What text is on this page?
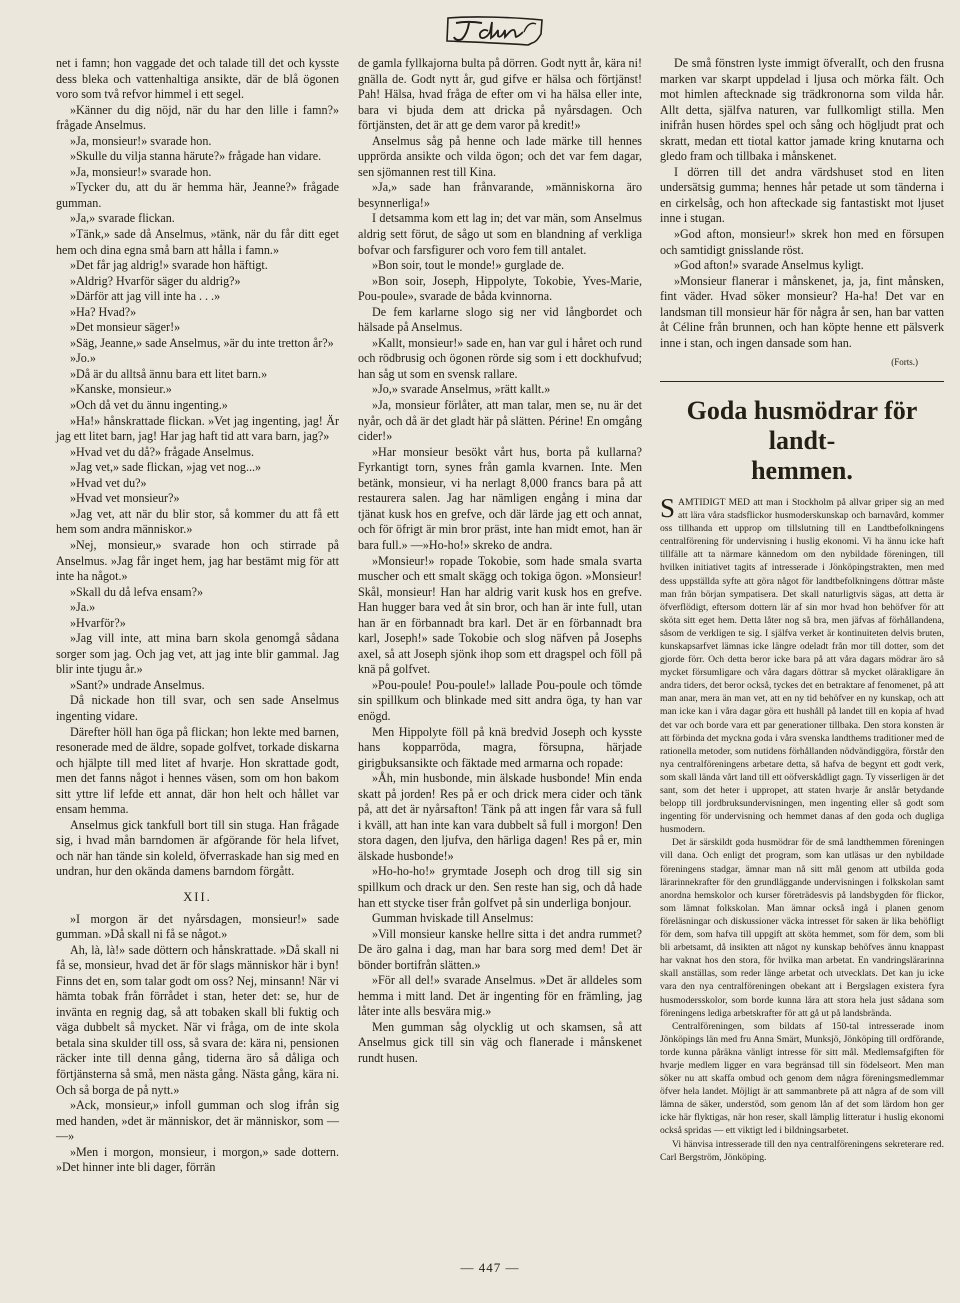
net i famn; hon vaggade det och talade till det och kysste dess bleka och vattenhaltiga ansikte, där de blå ögonen voro som två refvor himmel i ett segel.

»Känner du dig nöjd, när du har den lille i famn?» frågade Anselmus.

»Ja, monsieur!» svarade hon.

»Skulle du vilja stanna härute?» frågade han vidare.

»Ja, monsieur!» svarade hon.

»Tycker du, att du är hemma här, Jeanne?» frågade gumman.

»Ja,» svarade flickan.

»Tänk,» sade då Anselmus, »tänk, när du får ditt eget hem och dina egna små barn att hålla i famn.»

»Det får jag aldrig!» svarade hon häftigt.

»Aldrig? Hvarför säger du aldrig?»

»Därför att jag vill inte ha . . .»

»Ha? Hvad?»

»Det monsieur säger!»

»Säg, Jeanne,» sade Anselmus, »är du inte tretton år?»

»Jo.»

»Då är du alltså ännu bara ett litet barn.»

»Kanske, monsieur.»

»Och då vet du ännu ingenting.»

»Ha!» hånskrattade flickan. »Vet jag ingenting, jag! Är jag ett litet barn, jag! Har jag haft tid att vara barn, jag?»

»Hvad vet du då?» frågade Anselmus.

»Jag vet,» sade flickan, »jag vet nog...»

»Hvad vet du?»

»Hvad vet monsieur?»

»Jag vet, att när du blir stor, så kommer du att få ett hem som andra människor.»

»Nej, monsieur,» svarade hon och stirrade på Anselmus. »Jag får inget hem, jag har bestämt mig för att inte ha något.»

»Skall du då lefva ensam?»

»Ja.»

»Hvarför?»

»Jag vill inte, att mina barn skola genomgå sådana sorger som jag. Och jag vet, att jag inte blir gammal. Jag blir inte tjugu år.»

»Sant?» undrade Anselmus.

Då nickade hon till svar, och sen sade Anselmus ingenting vidare.

Därefter höll han öga på flickan; hon lekte med barnen, resonerade med de äldre, sopade golfvet, torkade diskarna och hjälpte till med litet af hvarje. Hon skrattade godt, men det fanns något i hennes väsen, som om hon bakom sitt yttre lif lefde ett annat, där hon helt och hållet var ensam hemma.

Anselmus gick tankfull bort till sin stuga. Han frågade sig, i hvad mån barndomen är afgörande för hela lifvet, och när han tände sin koleld, öfverraskade han sig med en undran, hur den okända damens barndom förgått.

XII.

»I morgon är det nyårsdagen, monsieur!» sade gumman. »Då skall ni få se något.»

Ah, là, là!» sade döttern och hånskrattade. »Då skall ni få se, monsieur, hvad det är för slags människor här i byn! Finns det en, som talar godt om oss? Nej, minsann! När vi hämta tobak från förrådet i stan, heter det: se, hur de inväntа en regnig dag, så att tobaken skall bli fuktig och väga dubbelt så mycket. När vi fråga, om de inte skola betala sina skulder till oss, så svara de: kära ni, pensionen räcker inte till denna gång, tiderna äro så dåliga och förtjänsterna så små, men nästa gång. Nästa gång, kära ni. Och så borga de på nytt.»

»Ack, monsieur,» infoll gumman och slog ifrån sig med handen, »det är människor, det är människor, som — —»

»Men i morgon, monsieur, i morgon,» sade dottern. »Det hinner inte bli dager, förrän

de gamla fyllkajorna bulta på dörren. Godt nytt år, kära ni! gnälla de. Godt nytt år, gud gifve er hälsa och förtjänst! Pah! Hälsa, hvad fråga de efter om vi ha hälsa eller inte, bara vi bjuda dem att dricka på nyårsdagen. Och förtjänsten, det är att ge dem varor på kredit!»

Anselmus såg på henne och lade märke till hennes upprörda ansikte och vilda ögon; och det var fem dagar, sen sjömannen rest till Kina.

»Ja,» sade han frånvarande, »människorna äro besynnerliga!»

I detsamma kom ett lag in; det var män, som Anselmus aldrig sett förut, de sågo ut som en blandning af verkliga bofvar och farsfigurer och voro fem till antalet.

»Bon soir, tout le monde!» gurglade de.

»Bon soir, Joseph, Hippolyte, Tokobie, Yves-Marie, Pou-poule», svarade de båda kvinnorna.

De fem karlarne slogo sig ner vid långbordet och hälsade på Anselmus.

»Kallt, monsieur!» sade en, han var gul i håret och rund och rödbrusig och ögonen rörde sig som i ett dockhufvud; han såg ut som en svensk rallare.

»Jo,» svarade Anselmus, »rätt kallt.»

»Ja, monsieur förlåter, att man talar, men se, nu är det nyår, och då är det gladt här på slätten. Périne! En omgång cider!»

»Har monsieur besökt vårt hus, borta på kullarna? Fyrkantigt torn, synes från gamla kvarnen. Inte. Men betänk, monsieur, vi ha nerlagt 8,000 francs bara på att restaurera salen. Jag har nämligen engång i mina dar tjänat kusk hos en grefve, och där lärde jag ett och annat, och för öfrigt är min bror präst, inte han midt emot, han är bara full.» —»Ho-ho!» skreko de andra.

»Monsieur!» ropade Tokobie, som hade smala svarta muscher och ett smalt skägg och tokiga ögon. »Monsieur! Skål, monsieur! Han har aldrig varit kusk hos en grefve. Han hugger bara ved åt sin bror, och han är inte full, utan han är en förbannadt bra karl. Det är en förbannadt bra karl, Joseph!» sade Tokobie och slog näfven på Josephs axel, så att Joseph sjönk ihop som ett dragspel och föll på knä på golfvet.

»Pou-poule! Pou-poule!» lallade Pou-poule och tömde sin spillkum och blinkade med sitt andra öga, ty han var enögd.

Men Hippolyte föll på knä bredvid Joseph och kysste hans kopparröda, magra, försupna, härjade girigbuksansikte och fäktade med armarna och ropade:

»Åh, min husbonde, min älskade husbonde! Min enda skatt på jorden! Res på er och drick mera cider och tänk på, att det är nyårsafton! Tänk på att ingen får vara så full i kväll, att han inte kan vara dubbelt så full i morgon! Den stora dagen, den ljufva, den härliga dagen! Res på er, min älskade husbonde!»

»Ho-ho-ho!» grymtade Joseph och drog till sig sin spillkum och drack ur den. Sen reste han sig, och då hade han ett stycke tiser från golfvet på sin underliga bonjour.

Gumman hviskade till Anselmus:

»Vill monsieur kanske hellre sitta i det andra rummet? De äro galna i dag, man har bara sorg med dem! Det är bönder bortifrån slätten.»

»För all del!» svarade Anselmus. »Det är alldeles som hemma i mitt land. Det är ingenting för en främling, jag låter inte alls besvära mig.»

Men gumman såg olycklig ut och skamsen, så att Anselmus gick till sin väg och flanerade i månskenet rundt husen.

De små fönstren lyste immigt öfveralIt, och den frusna marken var skarpt uppdelad i ljusa och mörka fält. Och mot himlen aftecknade sig trädkronorna som vilda hår. Allt detta, själfva naturen, var fullkomligt stilla. Men inifrån husen hördes spel och sång och högljudt prat och skratt, medan ett tiotal kattor jamade kring knutarna och gledo fram och tillbaka i månskenet.

I dörren till det andra värdshuset stod en liten undersätsig gumma; hennes hår petade ut som tänderna i en cirkelsåg, och hon afteckade sig fantastiskt mot ljuset inne i stugan.

»God afton, monsieur!» skrek hon med en försupen och samtidigt gnisslande röst.

»God afton!» svarade Anselmus kyligt.

»Monsieur flanerar i månskenet, ja, ja, fint månsken, fint väder. Hvad söker monsieur? Ha-ha! Det var en landsman till monsieur här för några år sen, han bar vatten åt Céline från brunnen, och han köpte henne ett pälsverk inne i stan, och ingen dansade som han.

(Forts.)
Goda husmödrar för landt-
hemmen.

SAMTIDIGT MED att man i Stockholm på allvar griper sig an med att lära våra stadsflickor husmoderskunskap och barnavård, kommer oss tillhanda ett upprop om tillslutning till en Landtbefolkningens centralförening för undervisning i huslig ekonomi. Vi ha ännu icke haft tillfälle att ta närmare kännedom om den nybildade föreningen, till hvilken initiativet tagits af intresserade i Jönköpingstrakten, men med dess uppställda syfte att göra något för landtbefolkningens döttrar måste man från början sympatisera. Det skall naturligtvis sägas, att detta är öfverflödigt, eftersom dottern lär af sin mor hvad hon behöfver för att sköta sitt eget hem. Detta låter nog så bra, men jäfvas af förhållandena, såsom de verkligen te sig. I själfva verket är kontinuiteten delvis bruten, kunskapsarfvet lämnas icke längre odeladt från mor till dotter, som det gjorde förr. Och detta beror icke bara på att våra dagars mödrar äro så mycket försumligare och våra dagars döttrar så mycket olärakligare än andra tiders, det beror också, tyckes det en betraktare af fenomenet, på att man anar, mera än man vet, att en ny tid behöfver en ny kunskap, och att man icke kan i våra dagar göra ett hushåll på landet till en kopia af hvad det var och borde vara ett par generationer tillbaka. Den stora konsten är att förbinda det myckna goda i våra svenska landthems traditioner med de rationella metoder, som nutidens förhållanden nödvändiggöra, förstår den nya centralföreningens arbetare detta, så hafva de begynt ett godt verk, som skall lända vårt land till ett oöfverskådligt gagn. Ty visserligen är det sant, som det heter i uppropet, att staten hvarje år anslår betydande belopp till jordbruksundervisningen, men ingenting eller så godt som ingenting för undervisning och hemmet danas af den goda och dugliga husmodern.

Det är särskildt goda husmödrar för de små landthemmen föreningen vill dana. Och enligt det program, som kan utläsas ur den nybildade föreningens stadgar, ämnar man nå sitt mål genom att utbilda goda lärarinnekrafter för den grundläggande undervisningen i folkskolan samt anordna hemskolor och kurser företrädesvis på landsbygden för flickor, som lämnat folkskolan. Man ämnar också ingå i planen genom föreläsningar och diskussioner väcka intresset för saken är lika behöfligt för dem, som hafva till uppgift att sköta hemmet, som för dem, som bli bli arbetsamt, då insikten att något ny kunskap behöfves ännu knappast har vaknat hos den stora, för hvilka man arbetat. En vandringslärarinna skall anställas, som reder länge arbetat och utvecklats. Det kan ju icke vara den nya centralföreningen obekant att i Bergslagen existera fyra husmodersskolor, som borde kunna lära att stora hela just sådana som föreningens lediga arbetskrafter för att gå ut på landsbrända.

Centralföreningen, som bildats af 150-tal intresserade inom Jönköpings län med fru Anna Smärt, Munksjö, Jönköping till ordförande, torde kunna påräkna vänligt intresse för sitt mål. Medlemsafgiften för hvarje medlem ligger en vara begränsad till sin födelseort. Men man söker nu att skaffa ombud och genom dem några föreningsmedlemmar öfver hela landet. Möjligt är att sammanbrete på att några af de som vill lämna de säker, understöd, som genom lån af det som lärdom hon ger icke här flyktigas, när hon reser, skall lämplig litteratur i huslig ekonomi också spridas — ett viktigt led i bildningsarbetet.

Vi hänvisa intresserade till den nya centralföreningens sekreterare red. Carl Bergström, Jönköping.

— 447 —
